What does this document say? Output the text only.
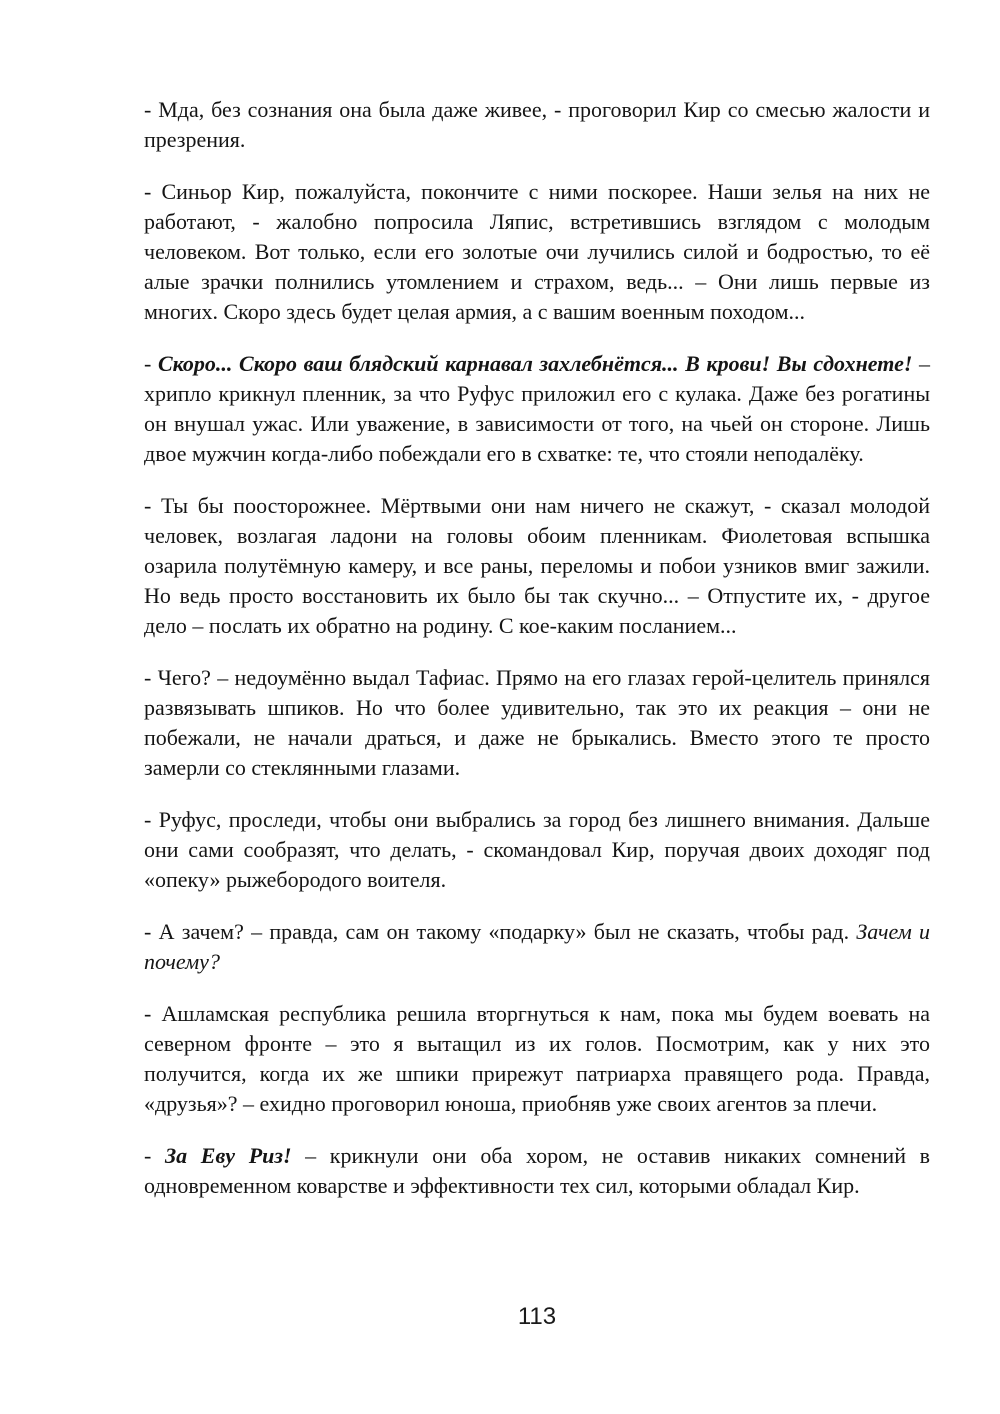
- Мда, без сознания она была даже живее, - проговорил Кир со смесью жалости и презрения.

- Синьор Кир, пожалуйста, покончите с ними поскорее. Наши зелья на них не работают, - жалобно попросила Ляпис, встретившись взглядом с молодым человеком. Вот только, если его золотые очи лучились силой и бодростью, то её алые зрачки полнились утомлением и страхом, ведь... – Они лишь первые из многих. Скоро здесь будет целая армия, а с вашим военным походом...

- Скоро... Скоро ваш блядский карнавал захлебнётся... В крови! Вы сдохнете! – хрипло крикнул пленник, за что Руфус приложил его с кулака. Даже без рогатины он внушал ужас. Или уважение, в зависимости от того, на чьей он стороне. Лишь двое мужчин когда-либо побеждали его в схватке: те, что стояли неподалёку.

- Ты бы поосторожнее. Мёртвыми они нам ничего не скажут, - сказал молодой человек, возлагая ладони на головы обоим пленникам. Фиолетовая вспышка озарила полутёмную камеру, и все раны, переломы и побои узников вмиг зажили. Но ведь просто восстановить их было бы так скучно... – Отпустите их, - другое дело – послать их обратно на родину. С кое-каким посланием...

- Чего? – недоумённо выдал Тафиас. Прямо на его глазах герой-целитель принялся развязывать шпиков. Но что более удивительно, так это их реакция – они не побежали, не начали драться, и даже не брыкались. Вместо этого те просто замерли со стеклянными глазами.

- Руфус, проследи, чтобы они выбрались за город без лишнего внимания. Дальше они сами сообразят, что делать, - скомандовал Кир, поручая двоих доходяг под «опеку» рыжебородого воителя.

- А зачем? – правда, сам он такому «подарку» был не сказать, чтобы рад. Зачем и почему?

- Ашламская республика решила вторгнуться к нам, пока мы будем воевать на северном фронте – это я вытащил из их голов. Посмотрим, как у них это получится, когда их же шпики прирежут патриарха правящего рода. Правда, «друзья»? – ехидно проговорил юноша, приобняв уже своих агентов за плечи.

- За Еву Риз! – крикнули они оба хором, не оставив никаких сомнений в одновременном коварстве и эффективности тех сил, которыми обладал Кир.

113
